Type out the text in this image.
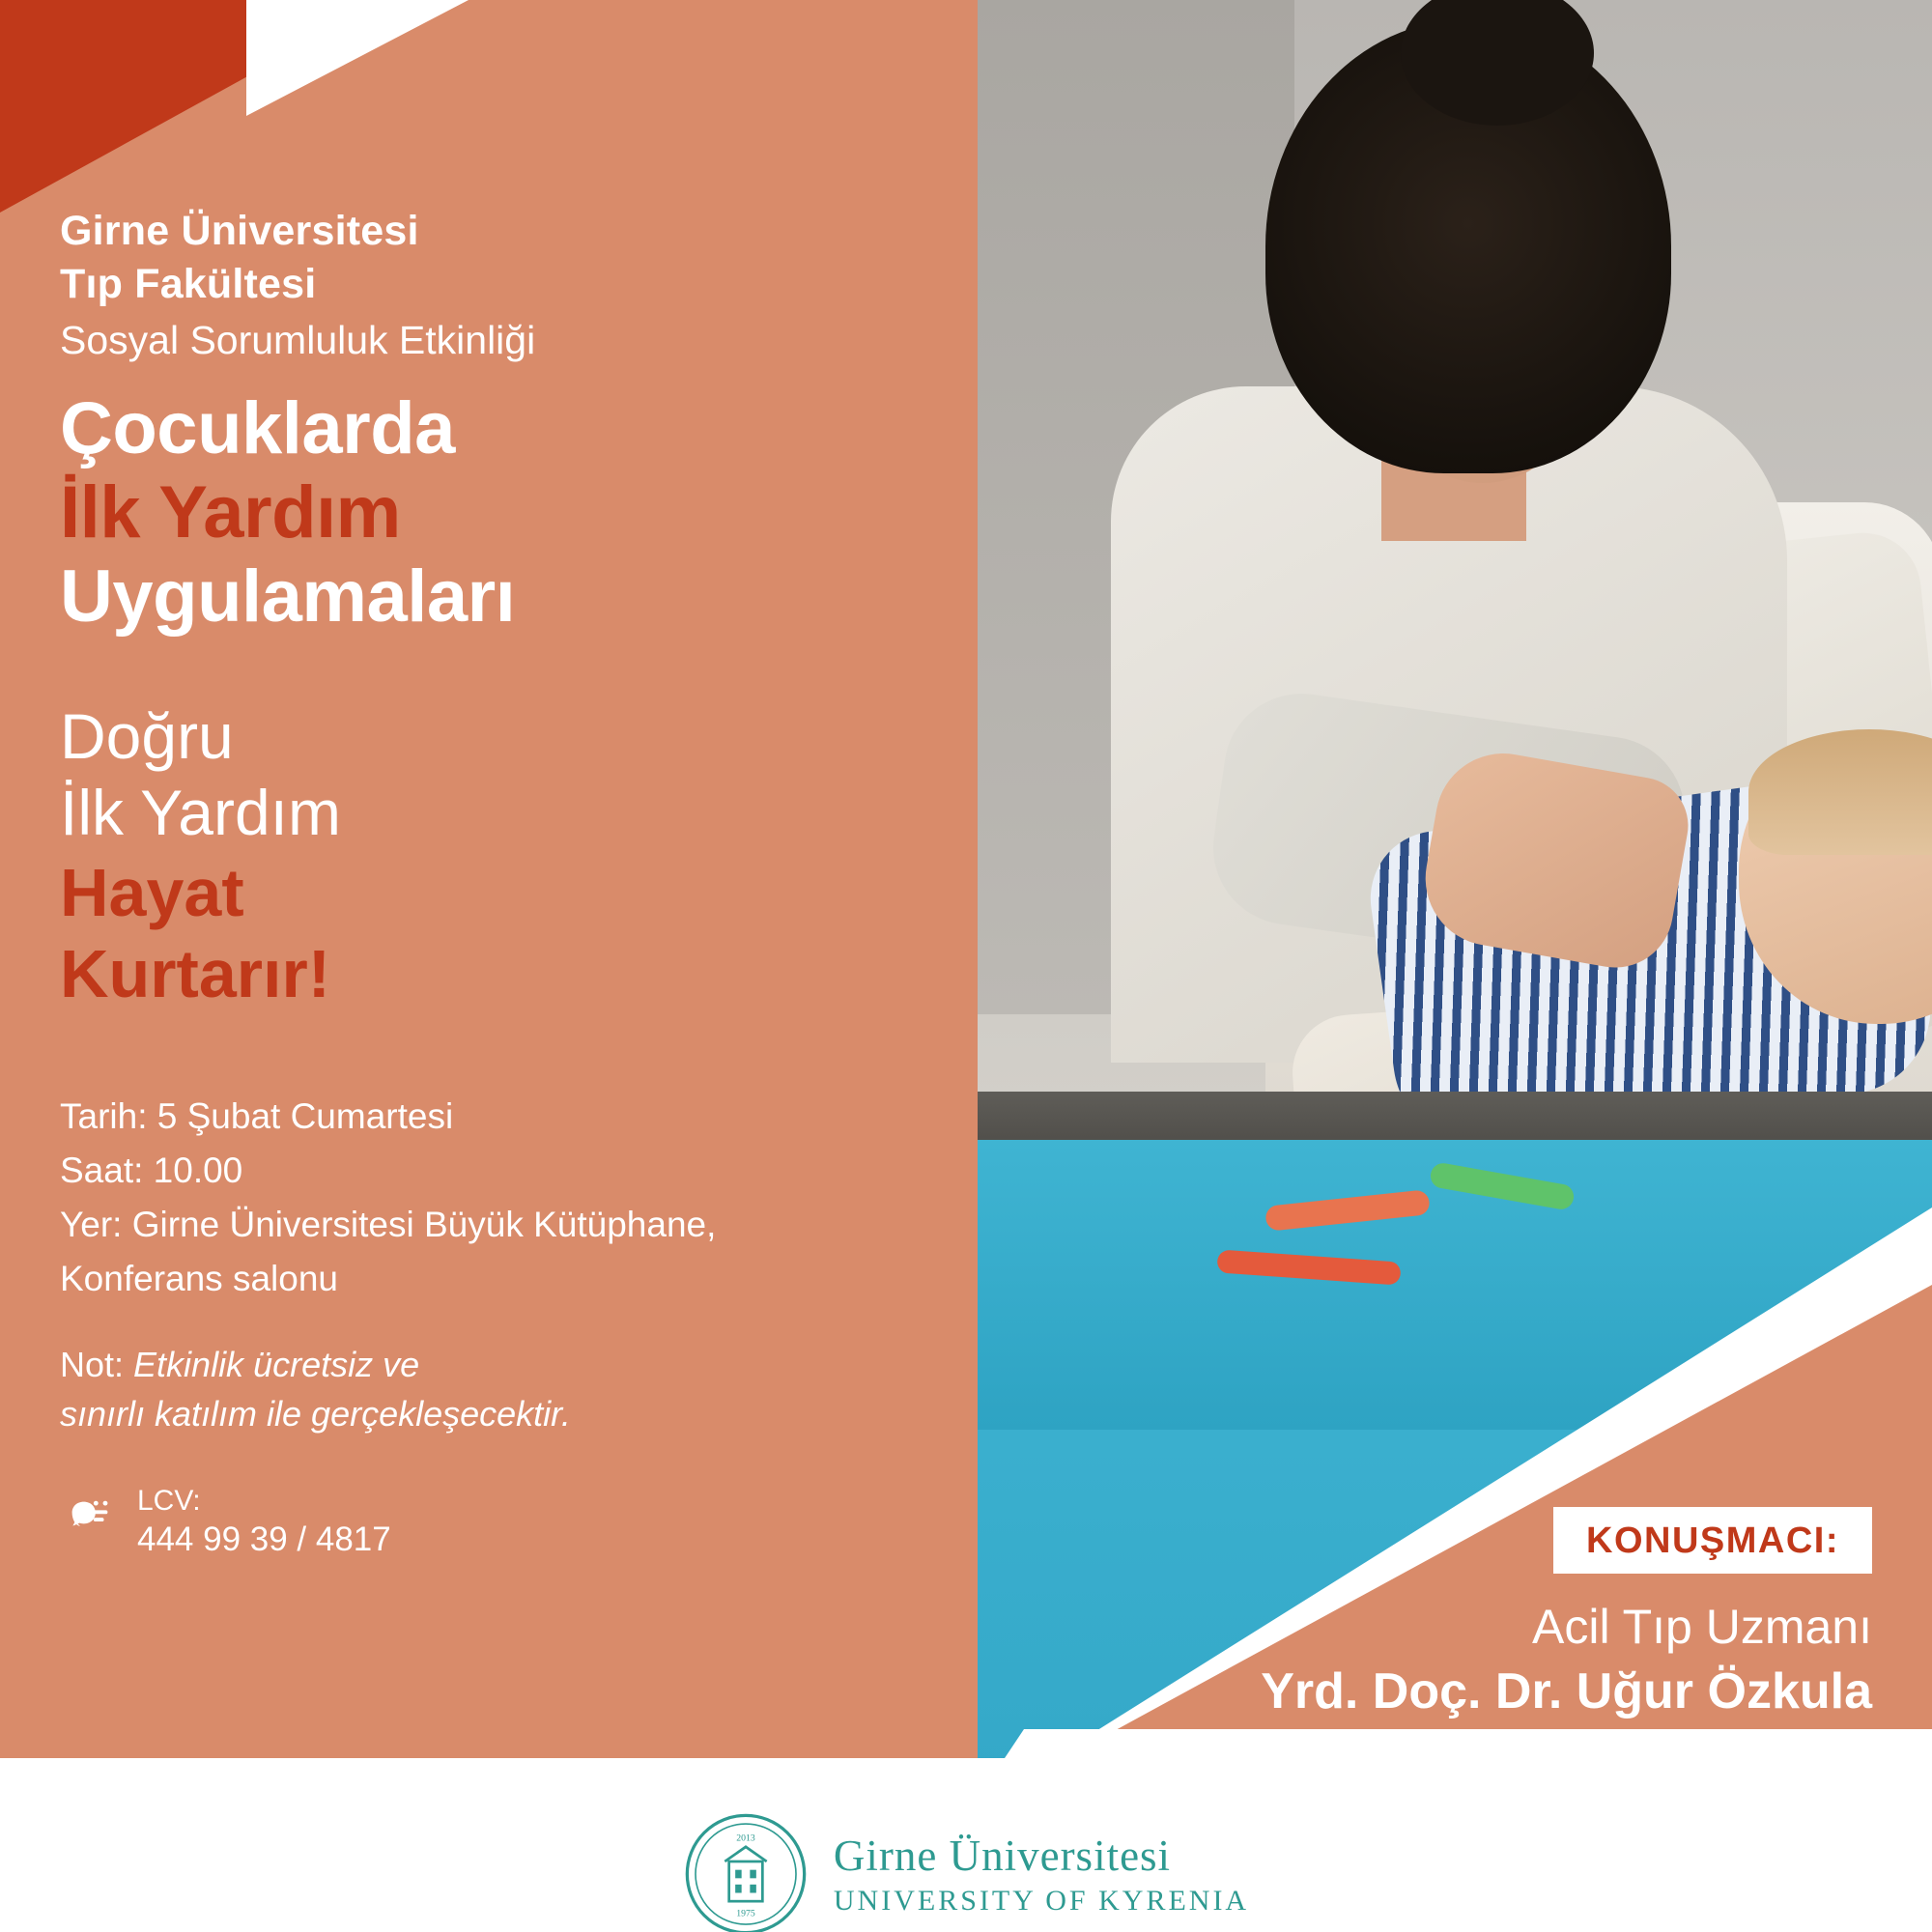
Girne Üniversitesi
Tıp Fakültesi
Sosyal Sorumluluk Etkinliği
Çocuklarda
İlk Yardım
Uygulamaları
Doğru
İlk Yardım
Hayat
Kurtarır!
Tarih: 5 Şubat Cumartesi
Saat: 10.00
Yer: Girne Üniversitesi Büyük Kütüphane,
Konferans salonu
Not: Etkinlik ücretsiz ve
sınırlı katılım ile gerçekleşecektir.
LCV:
444 99 39 / 4817	KONUŞMACI:
Acil Tıp Uzmanı
Yrd. Doç. Dr. Uğur Özkula
2013
1975
Girne Üniversitesi
UNIVERSITY OF KYRENIA
